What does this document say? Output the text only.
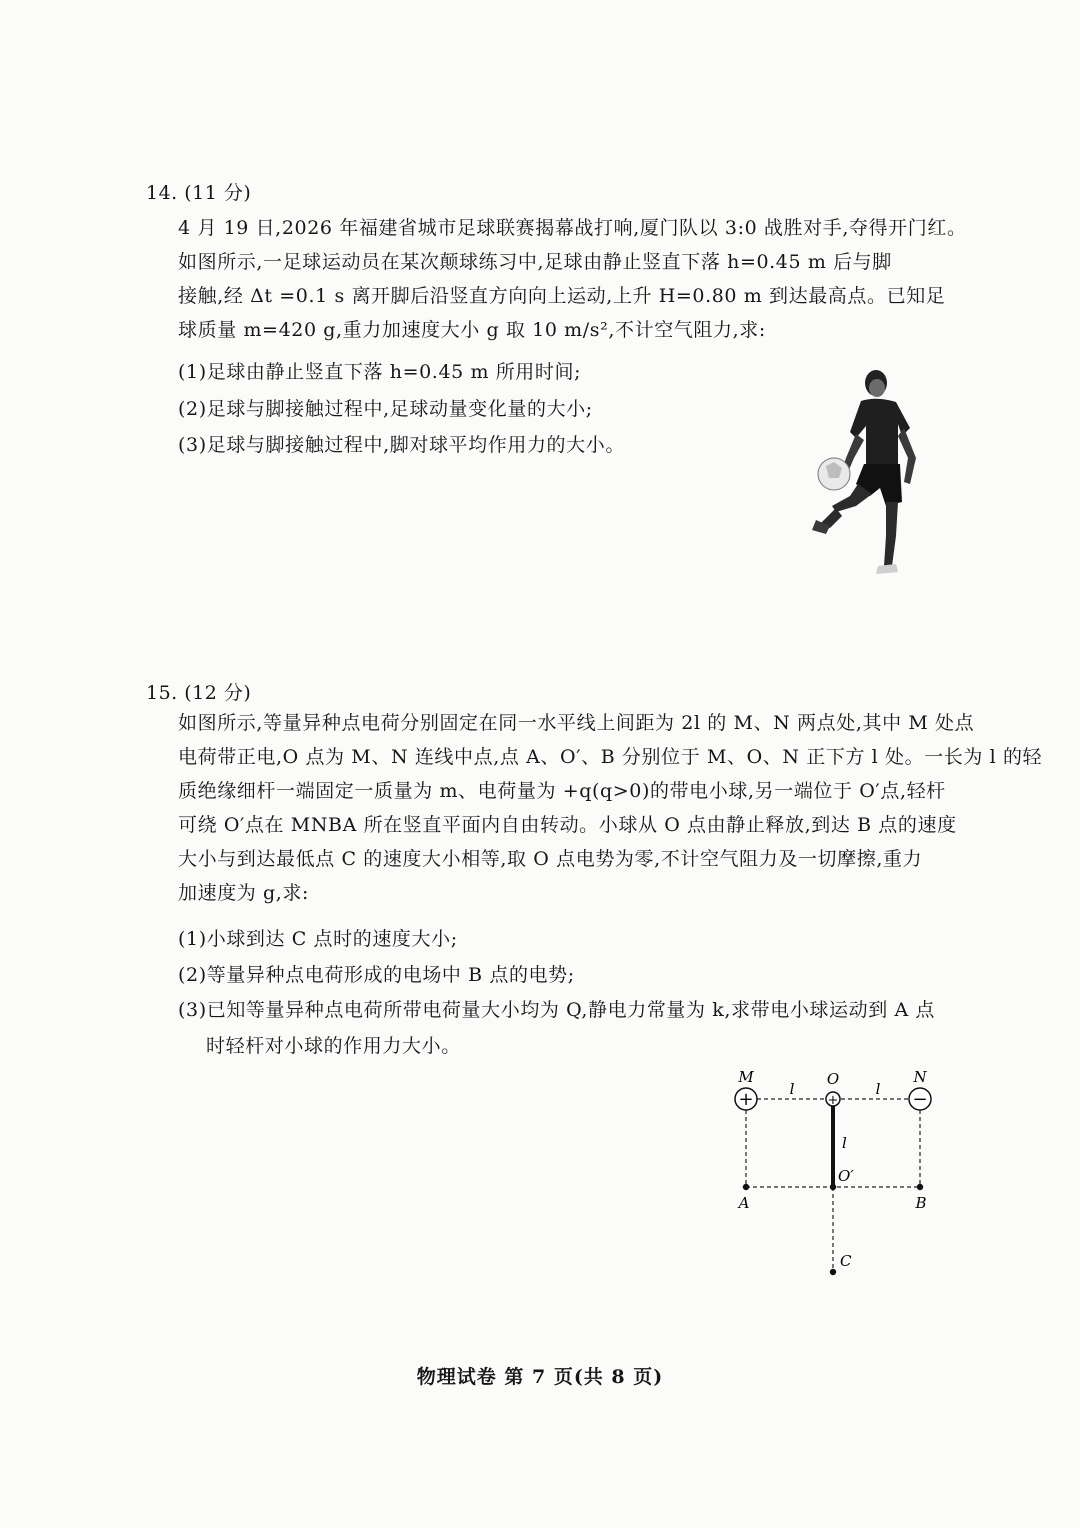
14. (11 分)
4 月 19 日,2026 年福建省城市足球联赛揭幕战打响,厦门队以 3:0 战胜对手,夺得开门红。
如图所示,一足球运动员在某次颠球练习中,足球由静止竖直下落 h=0.45 m 后与脚
接触,经 Δt =0.1 s 离开脚后沿竖直方向向上运动,上升 H=0.80 m 到达最高点。已知足
球质量 m=420 g,重力加速度大小 g 取 10 m/s²,不计空气阻力,求:
(1)足球由静止竖直下落 h=0.45 m 所用时间;
(2)足球与脚接触过程中,足球动量变化量的大小;
(3)足球与脚接触过程中,脚对球平均作用力的大小。
15. (12 分)
如图所示,等量异种点电荷分别固定在同一水平线上间距为 2l 的 M、N 两点处,其中 M 处点
电荷带正电,O 点为 M、N 连线中点,点 A、O′、B 分别位于 M、O、N 正下方 l 处。一长为 l 的轻
质绝缘细杆一端固定一质量为 m、电荷量为 +q(q>0)的带电小球,另一端位于 O′点,轻杆
可绕 O′点在 MNBA 所在竖直平面内自由转动。小球从 O 点由静止释放,到达 B 点的速度
大小与到达最低点 C 的速度大小相等,取 O 点电势为零,不计空气阻力及一切摩擦,重力
加速度为 g,求:
(1)小球到达 C 点时的速度大小;
(2)等量异种点电荷形成的电场中 B 点的电势;
(3)已知等量异种点电荷所带电荷量大小均为 Q,静电力常量为 k,求带电小球运动到 A 点
时轻杆对小球的作用力大小。
+	−
+
M	O	N
l	l
l
O′
A	B
C
物理试卷 第 7 页(共 8 页)
